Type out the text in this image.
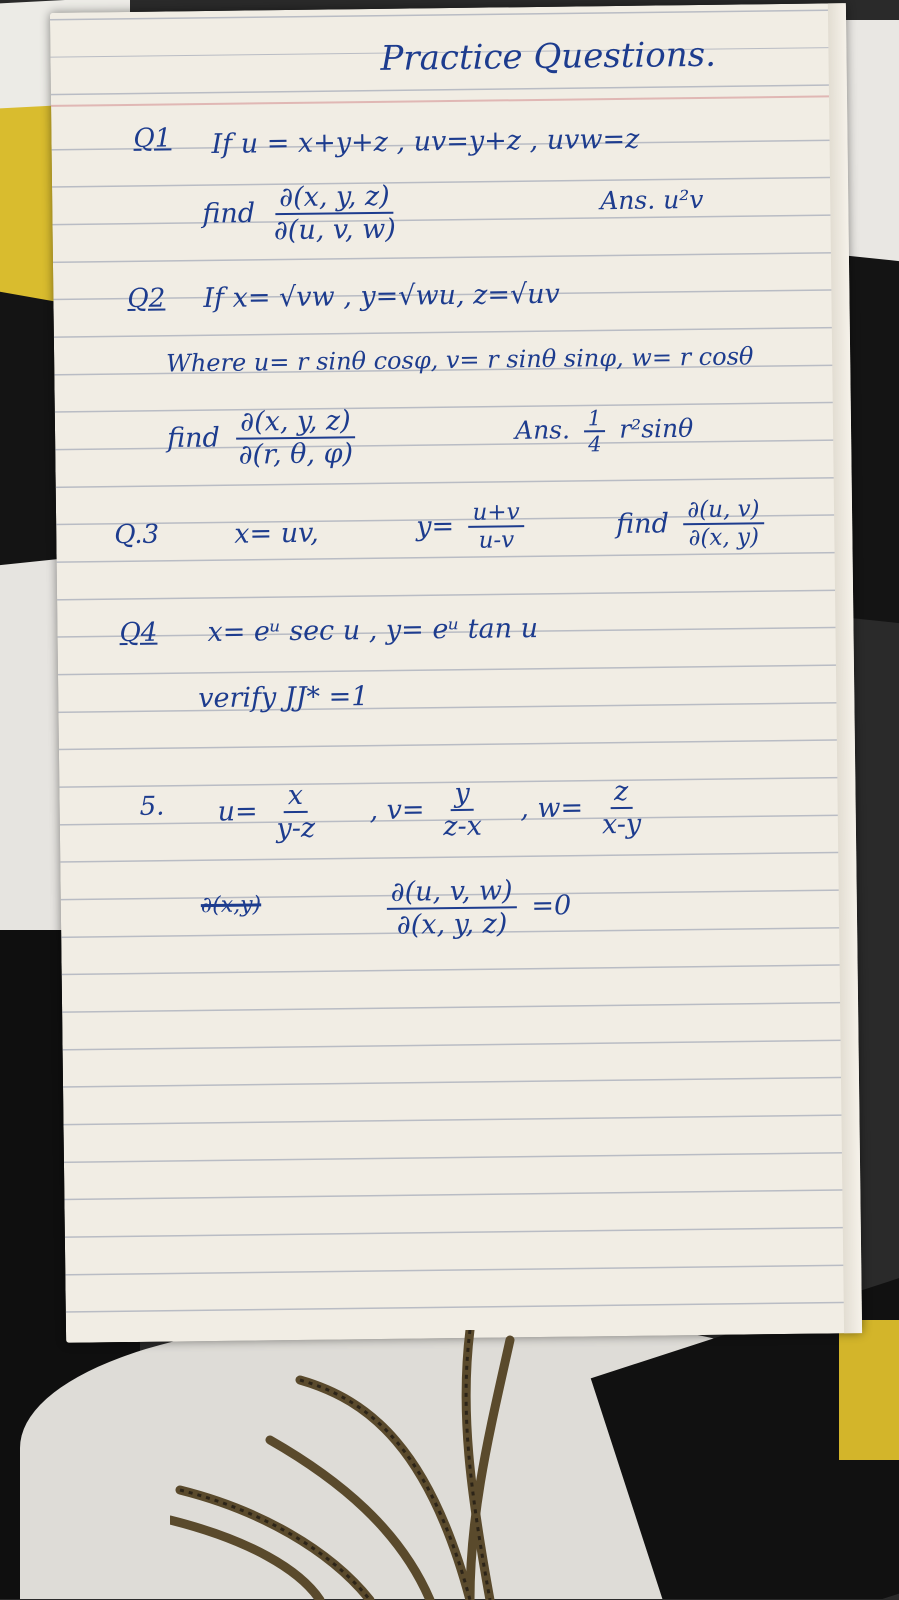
Practice Questions.
Q1 If u = x+y+z , uv=y+z , uvw=z
find $\frac{\partial(x, y, z)}{\partial(u, v, w)}$	Ans. u²v
Q2 If x= √vw , y=√wu, z=√uv
Where u= r sinθ cosφ, v= r sinθ sinφ, w= r cosθ
find $\frac{\partial(x, y, z)}{\partial(r, \theta, \varphi)}$	Ans. $\frac{1}{4} r^2\sin\theta$
Q.3	x= uv,	$y= \frac{u+v}{u-v}$	find $\frac{\partial(u, v)}{\partial(x, y)}$
Q4 x= eᵘ sec u , y= eᵘ tan u
verify JJ* =1
5. $u= \frac{x}{y-z}$ , $v= \frac{y}{z-x}$ , $w= \frac{z}{x-y}$
∂(x,y)	$\frac{\partial(u, v, w)}{\partial(x, y, z)} =0$
